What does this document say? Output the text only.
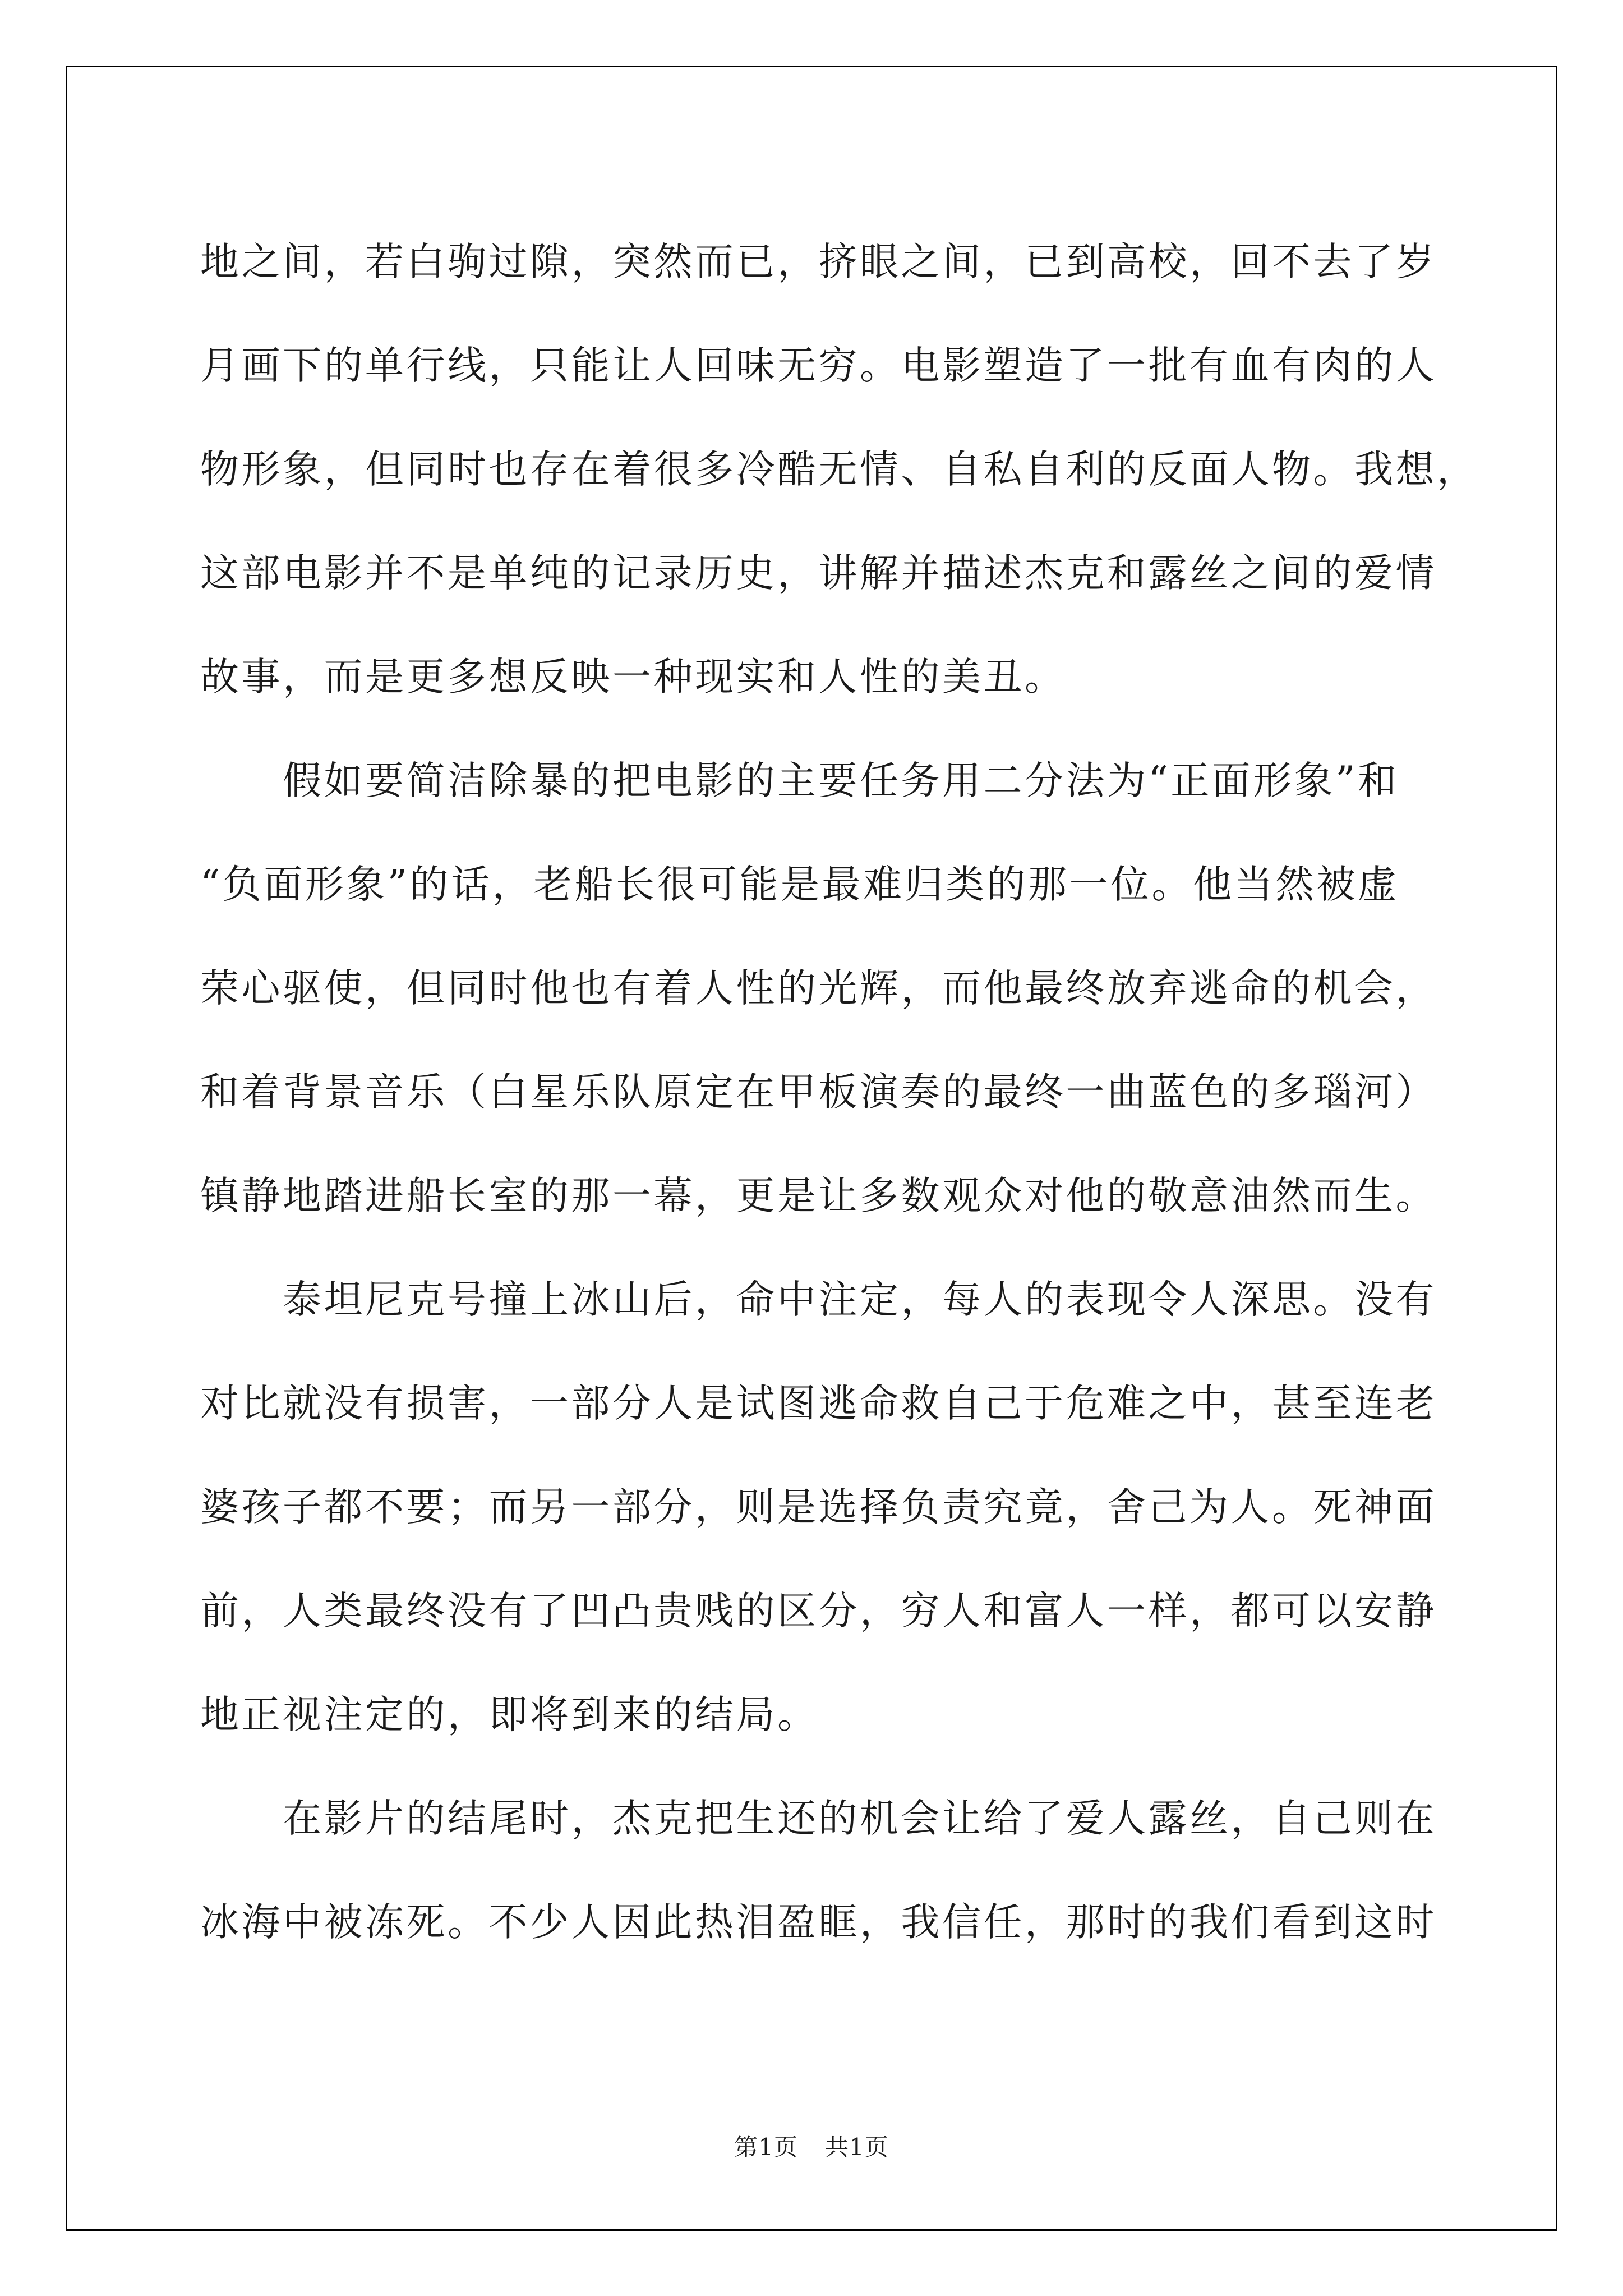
地之间，若白驹过隙，突然而已，挤眼之间，已到高校，回不去了岁
月画下的单行线，只能让人回味无穷。电影塑造了一批有血有肉的人
物形象，但同时也存在着很多冷酷无情、自私自利的反面人物。我想，
这部电影并不是单纯的记录历史，讲解并描述杰克和露丝之间的爱情
故事，而是更多想反映一种现实和人性的美丑。
假如要简洁除暴的把电影的主要任务用二分法为“正面形象”和
“负面形象”的话，老船长很可能是最难归类的那一位。他当然被虚
荣心驱使，但同时他也有着人性的光辉，而他最终放弃逃命的机会，
和着背景音乐（白星乐队原定在甲板演奏的最终一曲蓝色的多瑙河）
镇静地踏进船长室的那一幕，更是让多数观众对他的敬意油然而生。
泰坦尼克号撞上冰山后，命中注定，每人的表现令人深思。没有
对比就没有损害，一部分人是试图逃命救自己于危难之中，甚至连老
婆孩子都不要；而另一部分，则是选择负责究竟，舍己为人。死神面
前，人类最终没有了凹凸贵贱的区分，穷人和富人一样，都可以安静
地正视注定的，即将到来的结局。
在影片的结尾时，杰克把生还的机会让给了爱人露丝，自己则在
冰海中被冻死。不少人因此热泪盈眶，我信任，那时的我们看到这时
第1页 共1页
